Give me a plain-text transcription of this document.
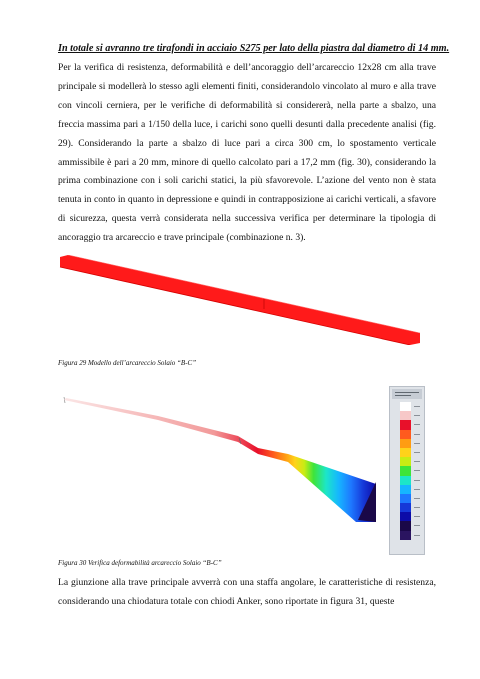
In totale si avranno tre tirafondi in acciaio S275 per lato della piastra dal diametro di 14 mm.
Per la verifica di resistenza, deformabilità e dell’ancoraggio dell’arcareccio 12x28 cm alla trave principale si modellerà lo stesso agli elementi finiti, considerandolo vincolato al muro e alla trave con vincoli cerniera, per le verifiche di deformabilità si considererà, nella parte a sbalzo, una freccia massima pari a 1/150 della luce, i carichi sono quelli desunti dalla precedente analisi (fig. 29). Considerando la parte a sbalzo di luce pari a circa 300 cm, lo spostamento verticale ammissibile è pari a 20 mm, minore di quello calcolato pari a 17,2 mm (fig. 30), considerando la prima combinazione con i soli carichi statici, la più sfavorevole. L’azione del vento non è stata tenuta in conto in quanto in depressione e quindi in contrapposizione ai carichi verticali, a sfavore di sicurezza, questa verrà considerata nella successiva verifica per determinare la tipologia di ancoraggio tra arcareccio e trave principale (combinazione n. 3).
Figura 29 Modello dell’arcareccio Solaio “B-C”
Figura 30 Verifica deformabilità arcareccio Solaio “B-C”
La giunzione alla trave principale avverrà con una staffa angolare, le caratteristiche di resistenza, considerando una chiodatura totale con chiodi Anker, sono riportate in figura 31, queste
